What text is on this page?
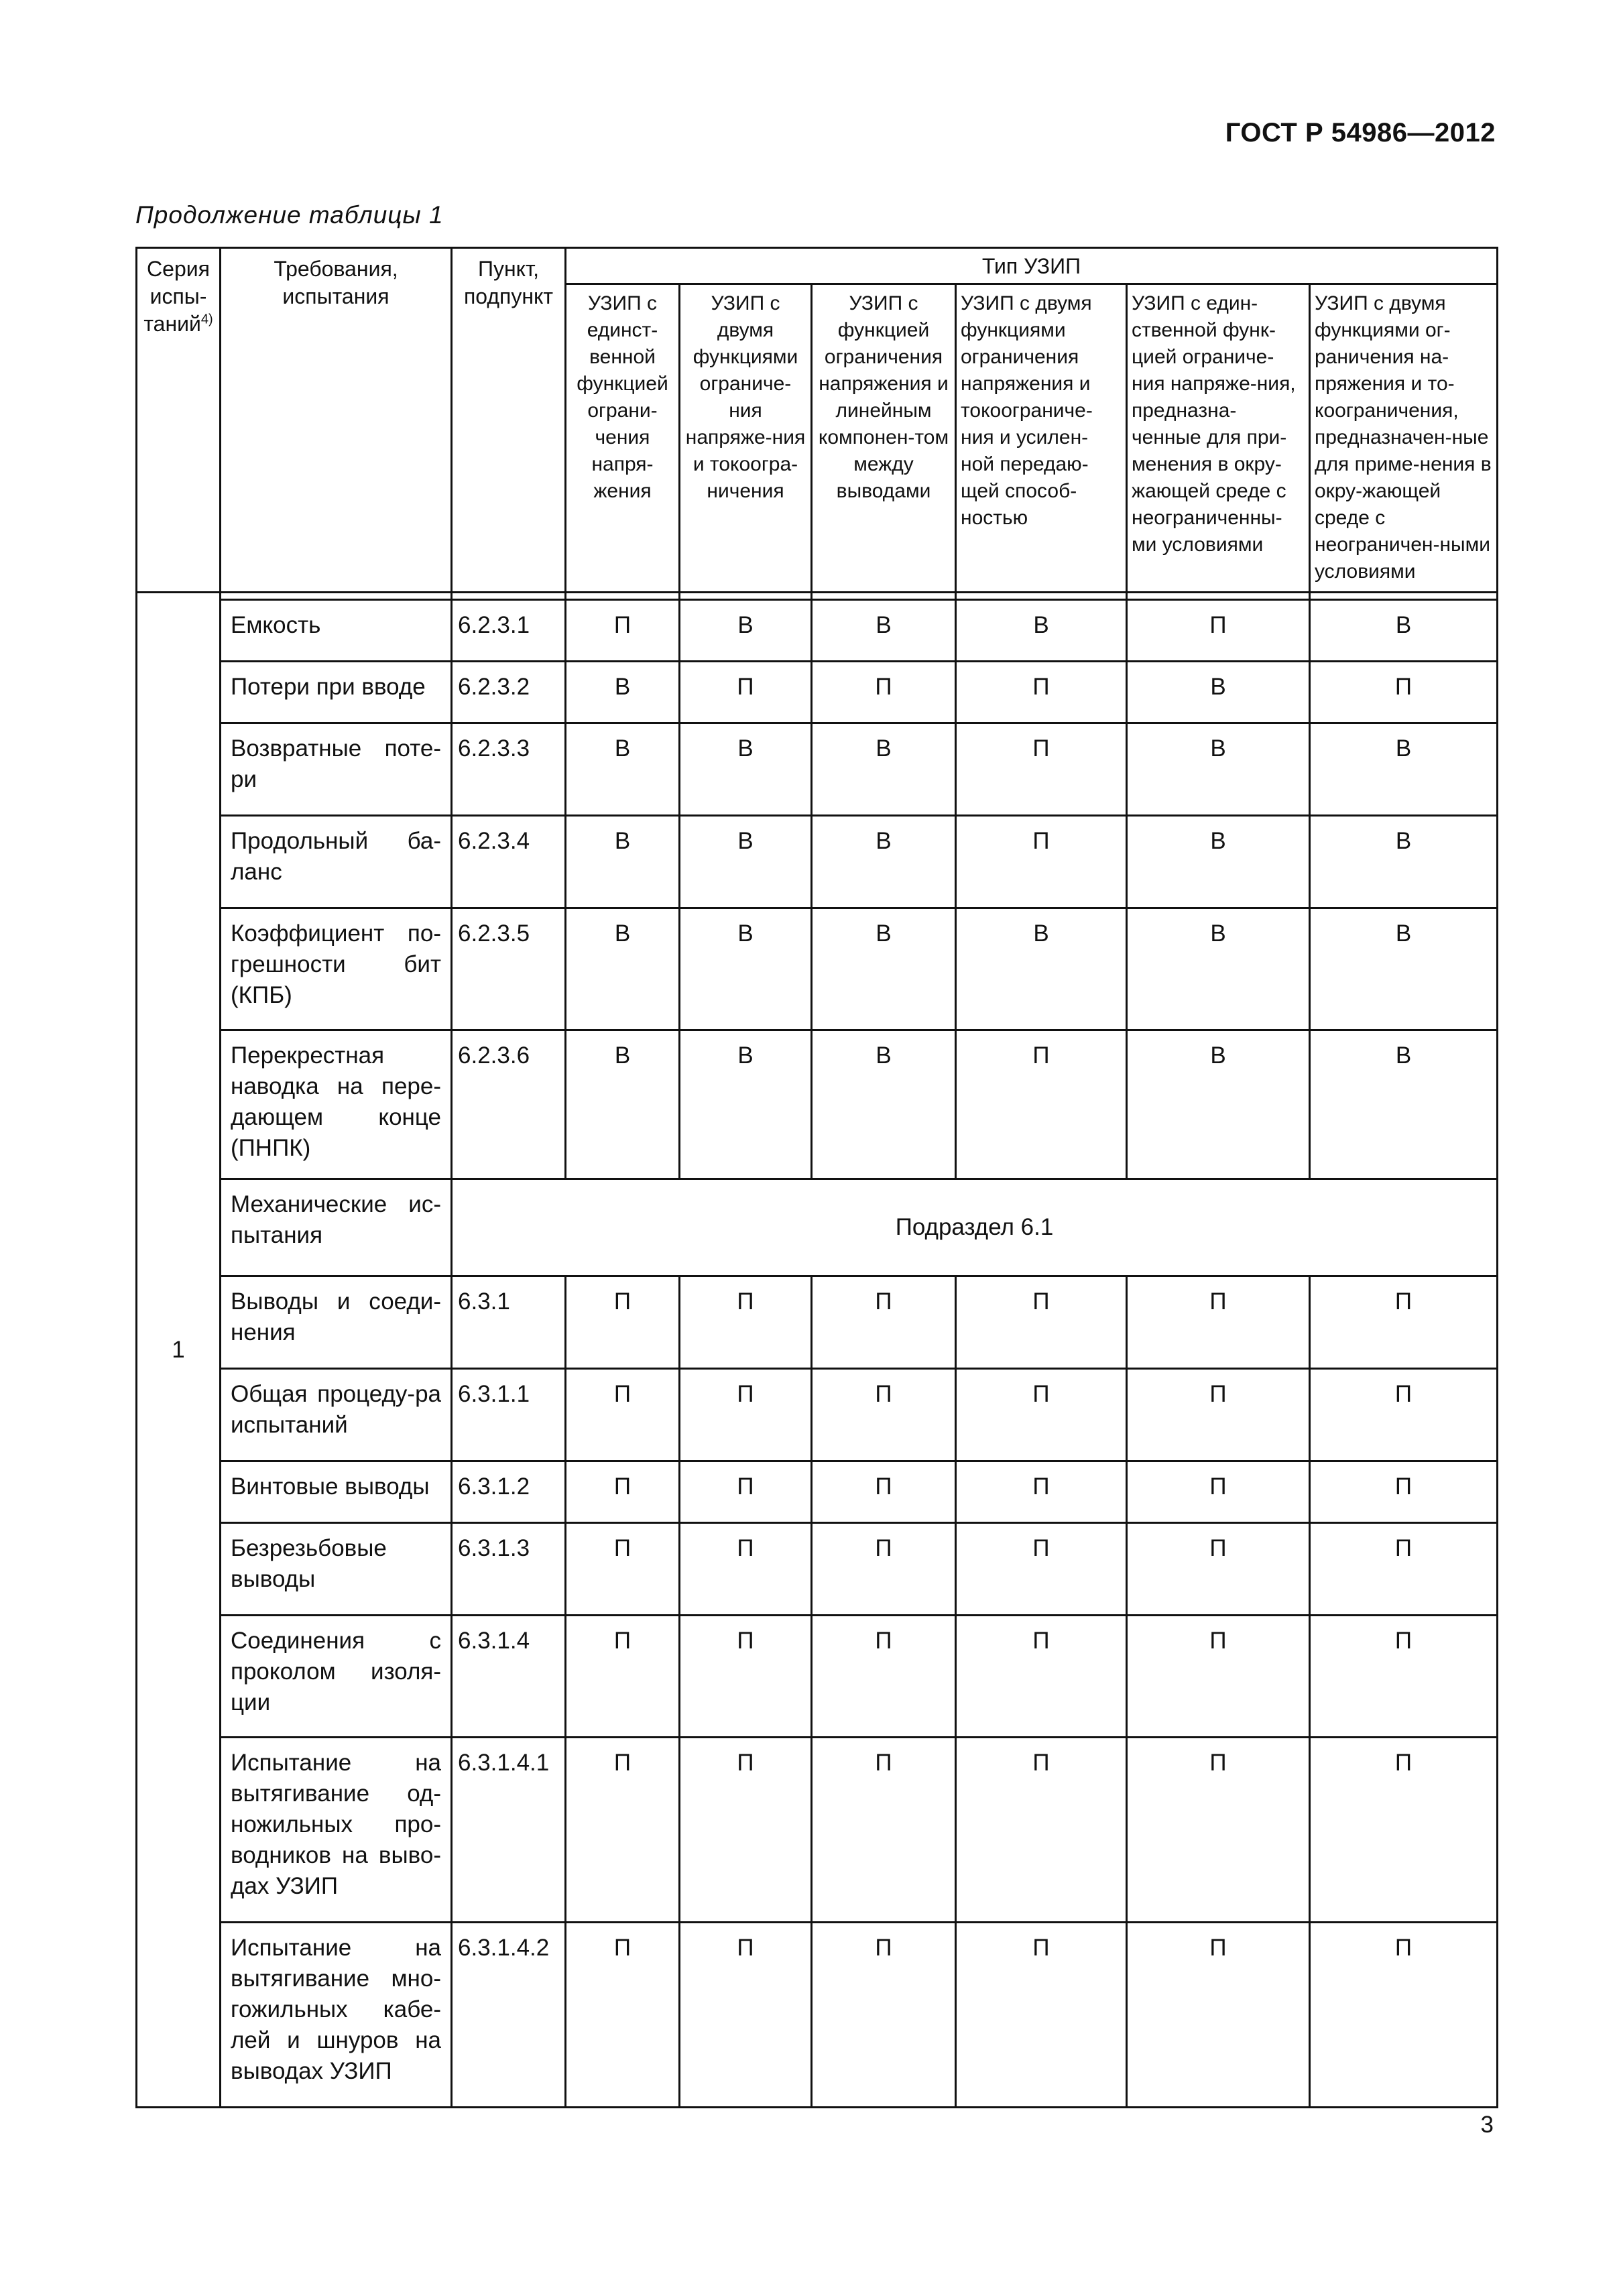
ГОСТ Р 54986—2012
Продолжение таблицы 1
Серия испы-таний$^{4)}$	Требования, испытания	Пункт, подпункт	Тип УЗИП					
			УЗИП с единст-венной функцией ограни-чения напря-жения	УЗИП с двумя функциями ограниче-ния напряже-ния и токоогра-ничения	УЗИП с функцией ограничения напряжения и линейным компонен-том между выводами	УЗИП с двумя функциями ограничения напряжения и токоограниче-ния и усилен-ной передаю-щей способ-ностью	УЗИП с един-ственной функ-цией ограниче-ния напряже-ния, предназна-ченные для при-менения в окру-жающей среде с неограниченны-ми условиями	УЗИП с двумя функциями ог-раничения на-пряжения и то-коограничения, предназначен-ные для приме-нения в окру-жающей среде с неограничен-ными условиями
1								
	Емкость	6.2.3.1	П	В	В	В	П	В
	Потери при вводе	6.2.3.2	В	П	П	П	В	П
	Возвратные поте-ри	6.2.3.3	В	В	В	П	В	В
	Продольный ба-ланс	6.2.3.4	В	В	В	П	В	В
	Коэффициент по-грешности бит (КПБ)	6.2.3.5	В	В	В	В	В	В
	Перекрестная наводка на пере-дающем конце (ПНПК)	6.2.3.6	В	В	В	П	В	В
	Механические ис-пытания	Подраздел 6.1						
	Выводы и соеди-нения	6.3.1	П	П	П	П	П	П
	Общая процеду-ра испытаний	6.3.1.1	П	П	П	П	П	П
	Винтовые выводы	6.3.1.2	П	П	П	П	П	П
	Безрезьбовые выводы	6.3.1.3	П	П	П	П	П	П
	Соединения с проколом изоля-ции	6.3.1.4	П	П	П	П	П	П
	Испытание на вытягивание од-ножильных про-водников на выво-дах УЗИП	6.3.1.4.1	П	П	П	П	П	П
	Испытание на вытягивание мно-гожильных кабе-лей и шнуров на выводах УЗИП	6.3.1.4.2	П	П	П	П	П	П
3
